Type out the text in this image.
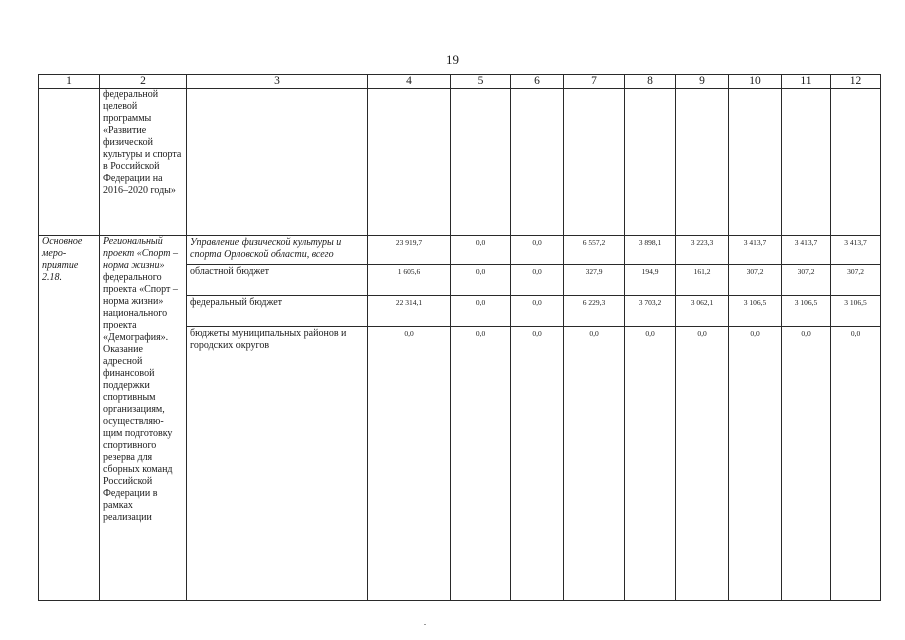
19
1	2	3	4	5	6	7	8	9	10	11	12
	федеральной целевой программы «Развитие физической культуры и спорта в Российской Федерации на 2016–2020 годы»										
Основное меро-приятие 2.18.	Региональный проект «Спорт – норма жизни» федерального проекта «Спорт – норма жизни» национального проекта «Демография». Оказание адресной финансовой поддержки спортивным организациям, осуществляю-щим подготовку спортивного резерва для сборных команд Российской Федерации в рамках реализации	Управление физической культуры и спорта Орловской области, всего	23 919,7	0,0	0,0	6 557,2	3 898,1	3 223,3	3 413,7	3 413,7	3 413,7
		областной бюджет	1 605,6	0,0	0,0	327,9	194,9	161,2	307,2	307,2	307,2
		федеральный бюджет	22 314,1	0,0	0,0	6 229,3	3 703,2	3 062,1	3 106,5	3 106,5	3 106,5
		бюджеты муниципальных районов и городских округов	0,0	0,0	0,0	0,0	0,0	0,0	0,0	0,0	0,0
